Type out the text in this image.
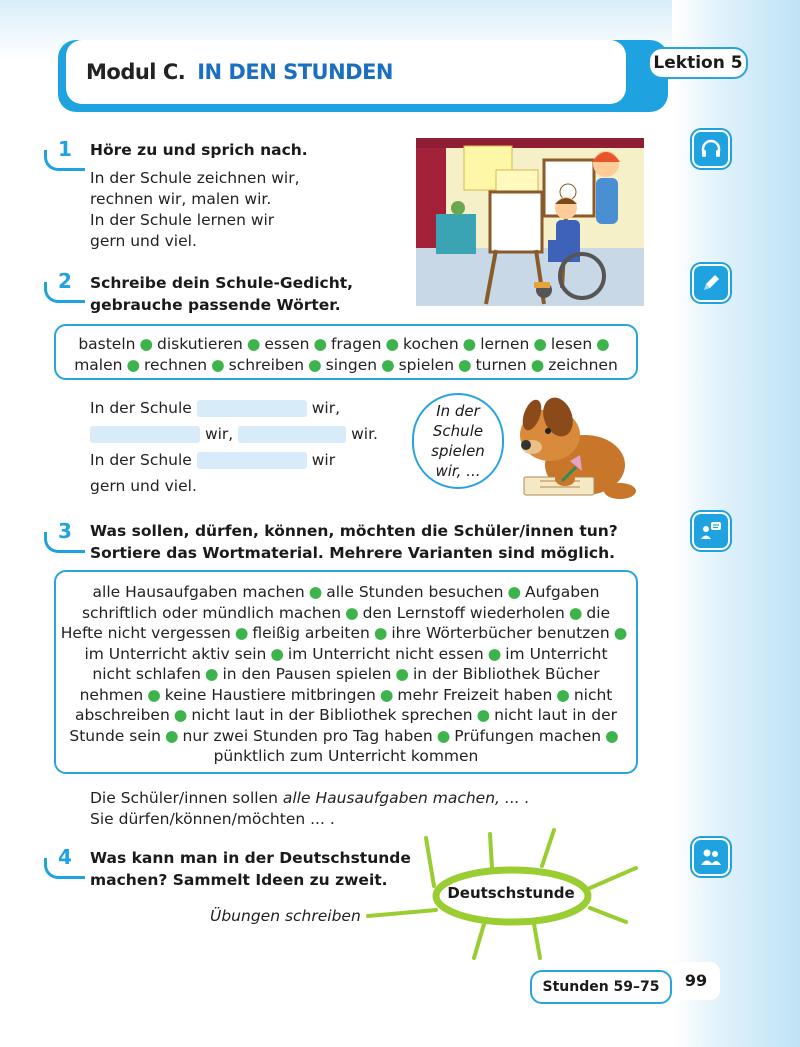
Modul C. IN DEN STUNDEN	Lektion 5
1	Höre zu und sprich nach.
In der Schule zeichnen wir,
rechnen wir, malen wir.
In der Schule lernen wir
gern und viel.
2	Schreibe dein Schule-Gedicht,
gebrauche passende Wörter.
basteln ● diskutieren ● essen ● fragen ● kochen ● lernen ● lesen ●
malen ● rechnen ● schreiben ● singen ● spielen ● turnen ● zeichnen
In der Schule	wir,
wir,	wir.
In der Schule	wir
gern und viel.
In der
Schule
spielen
wir, ...
3	Was sollen, dürfen, können, möchten die Schüler/innen tun?
Sortiere das Wortmaterial. Mehrere Varianten sind möglich.
alle Hausaufgaben machen ● alle Stunden besuchen ● Aufgaben
schriftlich oder mündlich machen ● den Lernstoff wiederholen ● die
Hefte nicht vergessen ● fleißig arbeiten ● ihre Wörterbücher benutzen ●
im Unterricht aktiv sein ● im Unterricht nicht essen ● im Unterricht
nicht schlafen ● in den Pausen spielen ● in der Bibliothek Bücher
nehmen ● keine Haustiere mitbringen ● mehr Freizeit haben ● nicht
abschreiben ● nicht laut in der Bibliothek sprechen ● nicht laut in der
Stunde sein ● nur zwei Stunden pro Tag haben ● Prüfungen machen ●
pünktlich zum Unterricht kommen
Die Schüler/innen sollen alle Hausaufgaben machen, ... .
Sie dürfen/können/möchten ... .
4	Was kann man in der Deutschstunde
machen? Sammelt Ideen zu zweit.
Übungen schreiben
Deutschstunde
Stunden 59–75	99
